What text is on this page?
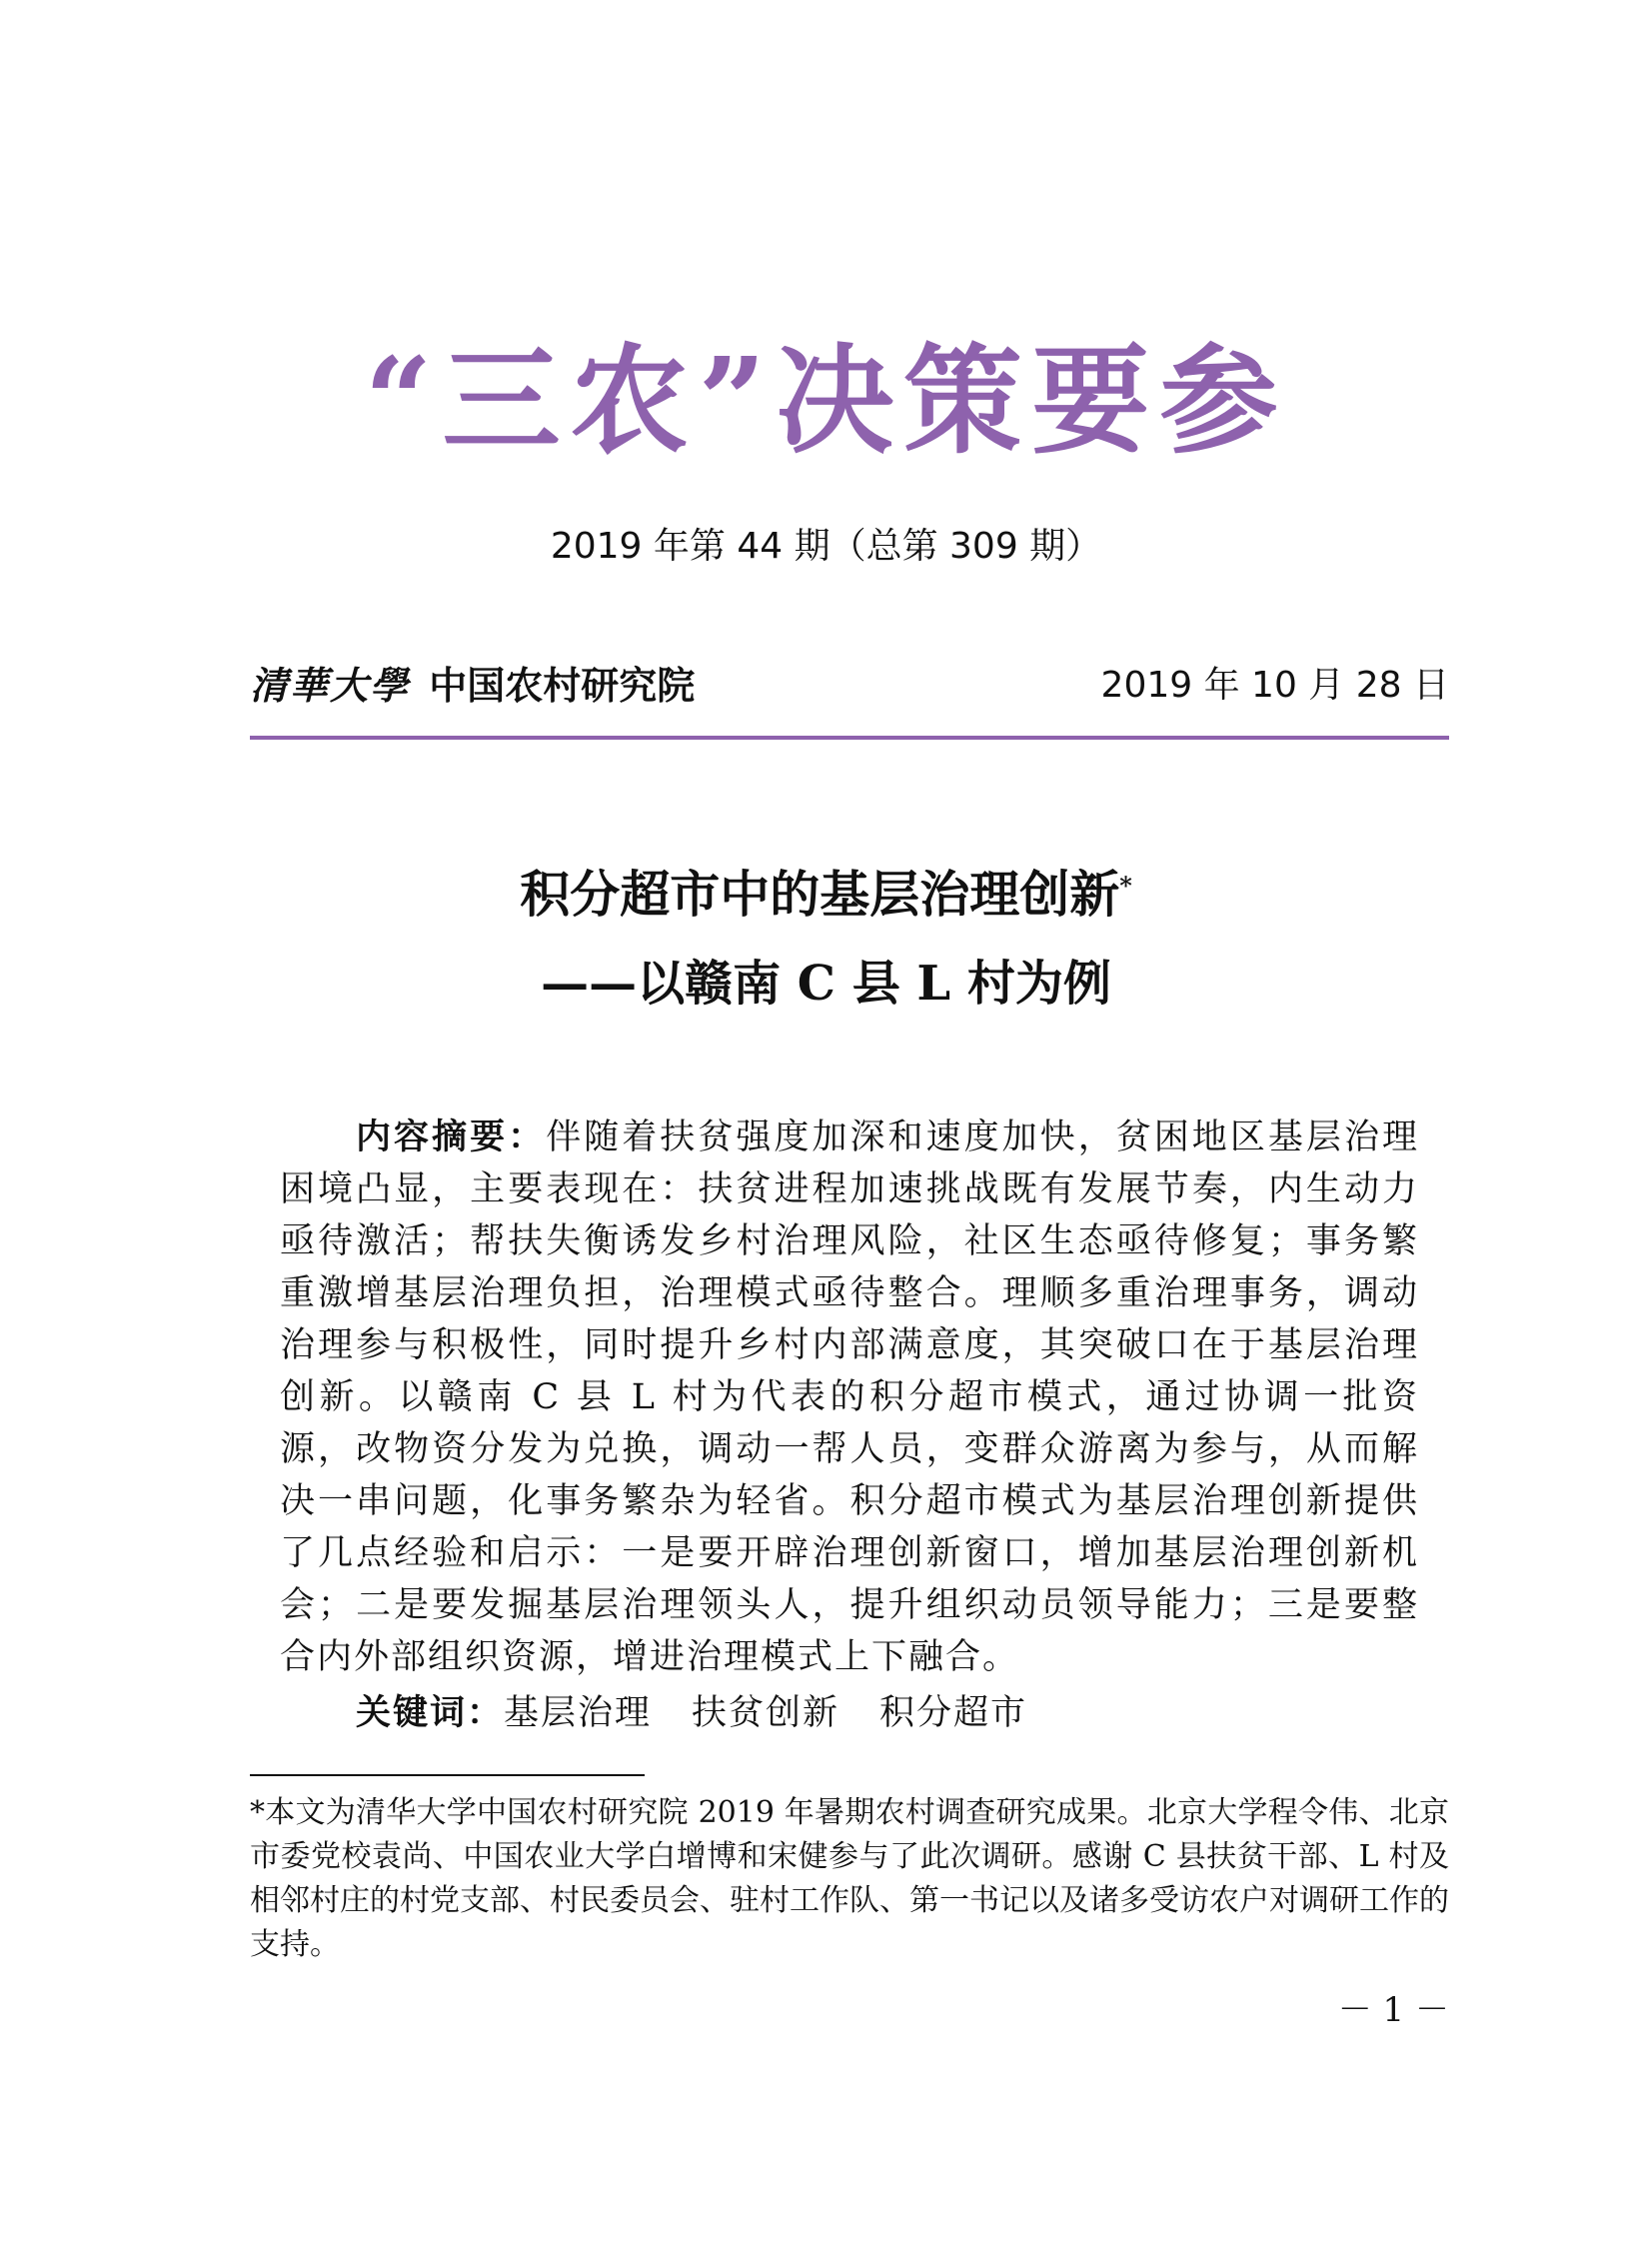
“三农”决策要参
2019 年第 44 期（总第 309 期）
清華大學 中国农村研究院	2019 年 10 月 28 日
积分超市中的基层治理创新*
——以赣南 C 县 L 村为例
内容摘要：伴随着扶贫强度加深和速度加快，贫困地区基层治理困境凸显，主要表现在：扶贫进程加速挑战既有发展节奏，内生动力亟待激活；帮扶失衡诱发乡村治理风险，社区生态亟待修复；事务繁重激增基层治理负担，治理模式亟待整合。理顺多重治理事务，调动治理参与积极性，同时提升乡村内部满意度，其突破口在于基层治理创新。以赣南 C 县 L 村为代表的积分超市模式，通过协调一批资源，改物资分发为兑换，调动一帮人员，变群众游离为参与，从而解决一串问题，化事务繁杂为轻省。积分超市模式为基层治理创新提供了几点经验和启示：一是要开辟治理创新窗口，增加基层治理创新机会；二是要发掘基层治理领头人，提升组织动员领导能力；三是要整合内外部组织资源，增进治理模式上下融合。
关键词：基层治理 扶贫创新 积分超市
*本文为清华大学中国农村研究院 2019 年暑期农村调查研究成果。北京大学程令伟、北京市委党校袁尚、中国农业大学白增博和宋健参与了此次调研。感谢 C 县扶贫干部、L 村及相邻村庄的村党支部、村民委员会、驻村工作队、第一书记以及诸多受访农户对调研工作的支持。
－ 1 －
